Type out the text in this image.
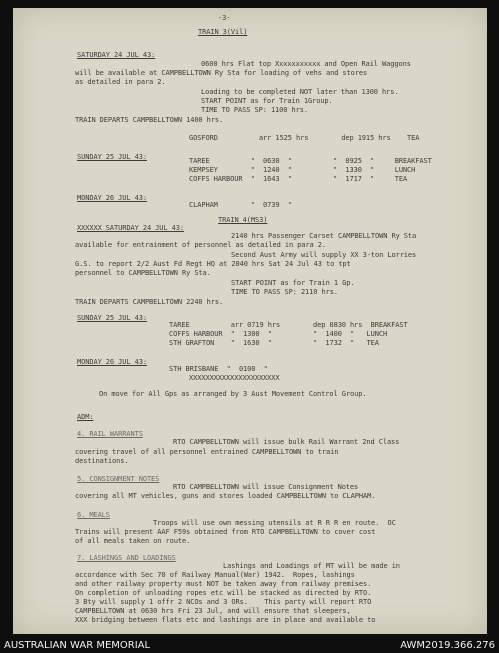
-3-
TRAIN 3(Vil)
SATURDAY 24 JUL 43:
0600 hrs Flat top Xxxxxxxxxxx and Open Rail Waggons
will be available at CAMPBELLTOWN Ry Sta for loading of vehs and stores
as detailed in para 2.
Loading to be completed NOT later than 1300 hrs.
START POINT as for Train 1Group.
TIME TO PASS SP: 1100 hrs.
TRAIN DEPARTS CAMPBELLTOWN 1400 hrs.
GOSFORD          arr 1525 hrs        dep 1915 hrs    TEA
SUNDAY 25 JUL 43:	TAREE          "  0630  "          "  0925  "     BREAKFAST
KEMPSEY        "  1240  "          "  1330  "     LUNCH
COFFS HARBOUR  "  1643  "          "  1717  "     TEA
MONDAY 26 JUL 43:
CLAPHAM        "  0739  "
TRAIN 4(MS3)
XXXXXX SATURDAY 24 JUL 43:
2140 hrs Passenger Carset CAMPBELLTOWN Ry Sta
available for entrainment of personnel as detailed in para 2.
Second Aust Army will supply XX 3-ton Lorries
G.S. to report 2/2 Aust Fd Regt HQ at 2040 hrs Sat 24 Jul 43 to tpt
personnel to CAMPBELLTOWN Ry Sta.
START POINT as for Train 1 Gp.
TIME TO PASS SP: 2110 hrs.
TRAIN DEPARTS CAMPBELLTOWN 2240 hrs.
SUNDAY 25 JUL 43:
TAREE          arr 0719 hrs        dep 0830 hrs  BREAKFAST
COFFS HARBOUR  "  1300  "          "  1400  "   LUNCH
STH GRAFTON    "  1630  "          "  1732  "   TEA
MONDAY 26 JUL 43:
STH BRISBANE  "  0100  "
XXXXXXXXXXXXXXXXXXXXXX
On move for All Gps as arranged by 3 Aust Movement Control Group.
ADM:
4. RAIL WARRANTS
RTO CAMPBELLTOWN will issue bulk Rail Warrant 2nd Class
covering travel of all personnel entrained CAMPBELLTOWN to train
destinations.
5. CONSIGNMENT NOTES
RTO CAMPBELLTOWN will issue Consignment Notes
covering all MT vehicles, guns and stores loaded CAMPBELLTOWN to CLAPHAM.
6. MEALS
Troops will use own messing utensils at R R R en route.  OC
Trains will present AAF F59s obtained from RTO CAMPBELLTOWN to cover cost
of all meals taken on route.
7. LASHINGS AND LOADINGS
Lashings and Loadings of MT will be made in
accordance with Sec 70 of Railway Manual(War) 1942.  Ropes, lashings
and other railway property must NOT be taken away from railway premises.
On completion of unloading ropes etc will be stacked as directed by RTO.
3 Bty will supply 1 offr 2 NCOs and 3 ORs.    This party will report RTO
CAMPBELLTOWN at 0630 hrs Fri 23 Jul, and will ensure that sleepers,
XXX bridging between flats etc and lashings are in place and available to
AUSTRALIAN WAR MEMORIAL	AWM2019.366.276
